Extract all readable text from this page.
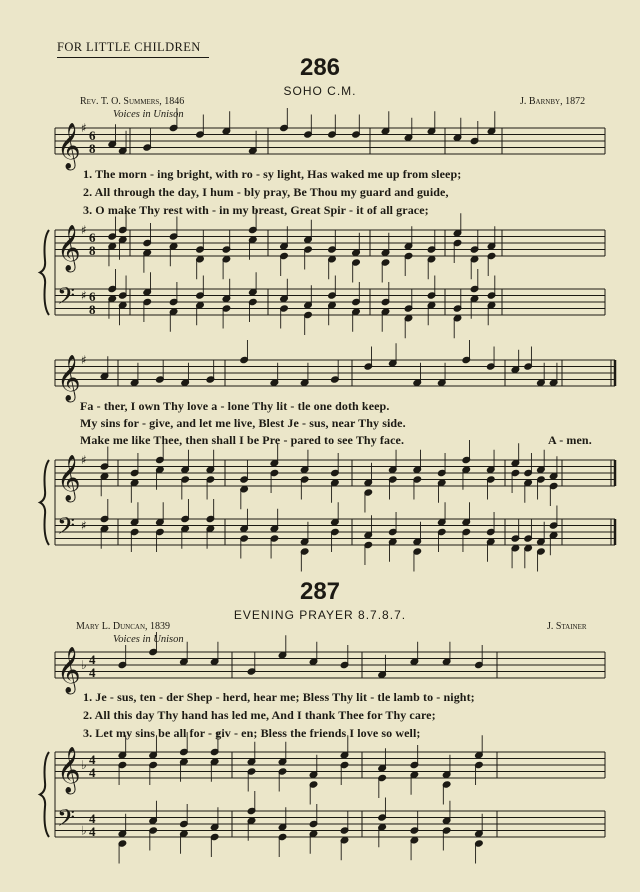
FOR LITTLE CHILDREN
286
SOHO C.M.
Rev. T. O. Summers, 1846	J. Barnby, 1872
Voices in Unison
1. The morn - ing bright, with ro - sy light, Has waked me up from sleep;
2. All through the day, I hum - bly pray, Be Thou my guard and guide,
3. O make Thy rest with - in my breast, Great Spir - it of all grace;
Fa - ther, I own Thy love a - lone Thy lit - tle one doth keep.
My sins for - give, and let me live, Blest Je - sus, near Thy side.
Make me like Thee, then shall I be Pre - pared to see Thy face.	A - men.
287
EVENING PRAYER 8.7.8.7.
Mary L. Duncan, 1839	J. Stainer
Voices in Unison
1. Je - sus, ten - der Shep - herd, hear me; Bless Thy lit - tle lamb to - night;
2. All this day Thy hand has led me, And I thank Thee for Thy care;
3. Let my sins be all for - giv - en; Bless the friends I love so well;
𝄞 ♯ 6
8
𝄞 ♯ 6
8
𝄢 ♯ 6
8
𝄞 ♯
𝄞 ♯
𝄢 ♯
𝄞 ♭ 4
4
𝄞 ♭ 4
4
𝄢 ♭
4
4
